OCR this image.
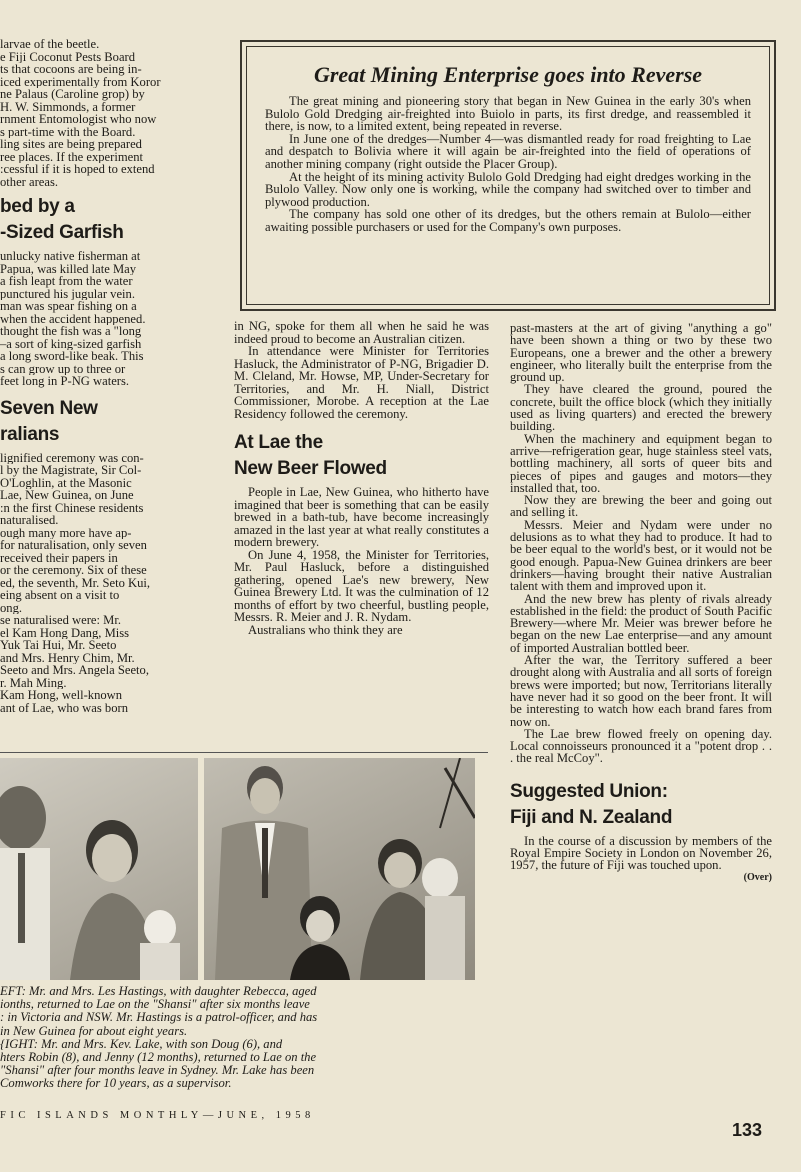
larvae of the beetle.
e Fiji Coconut Pests Board
ts that cocoons are being in-
iced experimentally from Koror
ne Palaus (Caroline grop) by
H. W. Simmonds, a former
rnment Entomologist who now
s part-time with the Board.
ling sites are being prepared
ree places. If the experiment
:cessful if it is hoped to extend
other areas.
bed by a
-Sized Garfish
unlucky native fisherman at
Papua, was killed late May
a fish leapt from the water
punctured his jugular vein.
man was spear fishing on a
when the accident happened.
thought the fish was a "long
–a sort of king-sized garfish
a long sword-like beak. This
s can grow up to three or
feet long in P-NG waters.
Seven New
ralians
lignified ceremony was con-
l by the Magistrate, Sir Col-
O'Loghlin, at the Masonic
Lae, New Guinea, on June
:n the first Chinese residents
naturalised.
ough many more have ap-
for naturalisation, only seven
received their papers in
or the ceremony. Six of these
ed, the seventh, Mr. Seto Kui,
eing absent on a visit to
ong.
se naturalised were: Mr.
el Kam Hong Dang, Miss
Yuk Tai Hui, Mr. Seeto
and Mrs. Henry Chim, Mr.
Seeto and Mrs. Angela Seeto,
r. Mah Ming.
Kam Hong, well-known
ant of Lae, who was born
Great Mining Enterprise goes into Reverse

The great mining and pioneering story that began in New Guinea in the early 30's when Bulolo Gold Dredging air-freighted into Buiolo in parts, its first dredge, and reassembled it there, is now, to a limited extent, being repeated in reverse.

In June one of the dredges—Number 4—was dismantled ready for road freighting to Lae and despatch to Bolivia where it will again be air-freighted into the field of operations of another mining company (right outside the Placer Group).

At the height of its mining activity Bulolo Gold Dredging had eight dredges working in the Bulolo Valley. Now only one is working, while the company had switched over to timber and plywood production.

The company has sold one other of its dredges, but the others remain at Bulolo—either awaiting possible purchasers or used for the Company's own purposes.

in NG, spoke for them all when he said he was indeed proud to become an Australian citizen.

In attendance were Minister for Territories Hasluck, the Administrator of P-NG, Brigadier D. M. Cleland, Mr. Howse, MP, Under-Secretary for Territories, and Mr. H. Niall, District Commissioner, Morobe. A reception at the Lae Residency followed the ceremony.

At Lae the
New Beer Flowed

People in Lae, New Guinea, who hitherto have imagined that beer is something that can be easily brewed in a bath-tub, have become increasingly amazed in the last year at what really constitutes a modern brewery.

On June 4, 1958, the Minister for Territories, Mr. Paul Hasluck, before a distinguished gathering, opened Lae's new brewery, New Guinea Brewery Ltd. It was the culmination of 12 months of effort by two cheerful, bustling people, Messrs. R. Meier and J. R. Nydam.

Australians who think they are

past-masters at the art of giving "anything a go" have been shown a thing or two by these two Europeans, one a brewer and the other a brewery engineer, who literally built the enterprise from the ground up.

They have cleared the ground, poured the concrete, built the office block (which they initially used as living quarters) and erected the brewery building.

When the machinery and equipment began to arrive—refrigeration gear, huge stainless steel vats, bottling machinery, all sorts of queer bits and pieces of pipes and gauges and motors—they installed that, too.

Now they are brewing the beer and going out and selling it.

Messrs. Meier and Nydam were under no delusions as to what they had to produce. It had to be beer equal to the world's best, or it would not be good enough. Papua-New Guinea drinkers are beer drinkers—having brought their native Australian talent with them and improved upon it.

And the new brew has plenty of rivals already established in the field: the product of South Pacific Brewery—where Mr. Meier was brewer before he began on the new Lae enterprise—and any amount of imported Australian bottled beer.

After the war, the Territory suffered a beer drought along with Australia and all sorts of foreign brews were imported; but now, Territorians literally have never had it so good on the beer front. It will be interesting to watch how each brand fares from now on.

The Lae brew flowed freely on opening day. Local connoisseurs pronounced it a "potent drop . . . the real McCoy".

Suggested Union:
Fiji and N. Zealand

In the course of a discussion by members of the Royal Empire Society in London on November 26, 1957, the future of Fiji was touched upon.

(Over)

EFT: Mr. and Mrs. Les Hastings, with daughter Rebecca, aged

ionths, returned to Lae on the "Shansi" after six months leave

: in Victoria and NSW. Mr. Hastings is a patrol-officer, and has

in New Guinea for about eight years.

{IGHT: Mr. and Mrs. Kev. Lake, with son Doug (6), and

hters Robin (8), and Jenny (12 months), returned to Lae on the

"Shansi" after four months leave in Sydney. Mr. Lake has been

Comworks there for 10 years, as a supervisor.

FIC ISLANDS MONTHLY—JUNE, 1958
133
